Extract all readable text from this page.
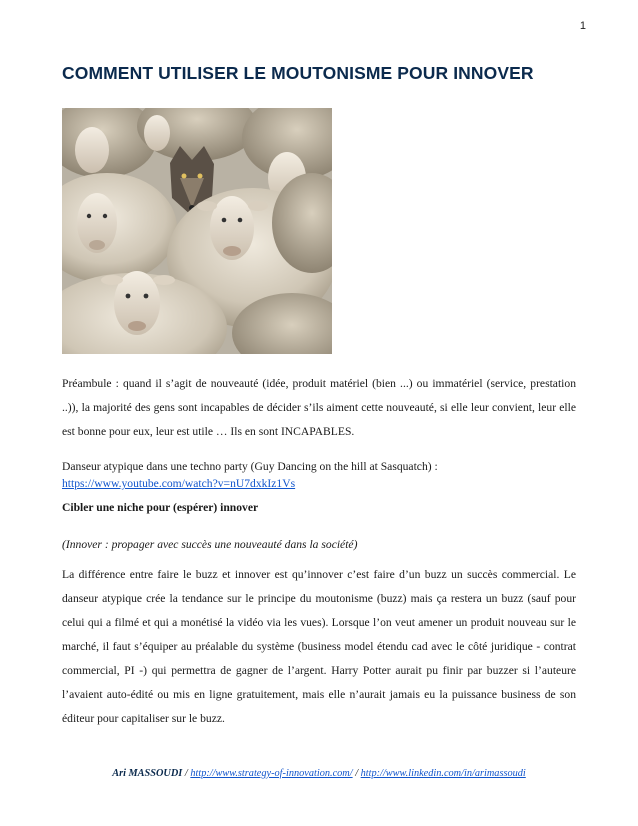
1
COMMENT UTILISER LE MOUTONISME POUR INNOVER

Préambule : quand il s’agit de nouveauté (idée, produit matériel (bien ...) ou immatériel (service, prestation ..)), la majorité des gens sont incapables de décider s’ils aiment cette nouveauté, si elle leur convient, leur elle est bonne pour eux, leur est utile … Ils en sont INCAPABLES.

Danseur atypique dans une techno party (Guy Dancing on the hill at Sasquatch) :
https://www.youtube.com/watch?v=nU7dxkIz1Vs

Cibler une niche pour (espérer) innover

(Innover : propager avec succès une nouveauté dans la société)

La différence entre faire le buzz et innover est qu’innover c’est faire d’un buzz un succès commercial. Le danseur atypique crée la tendance sur le principe du moutonisme (buzz) mais ça restera un buzz (sauf pour celui qui a filmé et qui a monétisé la vidéo via les vues). Lorsque l’on veut amener un produit nouveau sur le marché, il faut s’équiper au préalable du système (business model étendu cad avec le côté juridique - contrat commercial, PI -) qui permettra de gagner de l’argent. Harry Potter aurait pu finir par buzzer si l’auteure l’avaient auto-édité ou mis en ligne gratuitement, mais elle n’aurait jamais eu la puissance business de son éditeur pour capitaliser sur le buzz.

Ari MASSOUDI / http://www.strategy-of-innovation.com/ / http://www.linkedin.com/in/arimassoudi
